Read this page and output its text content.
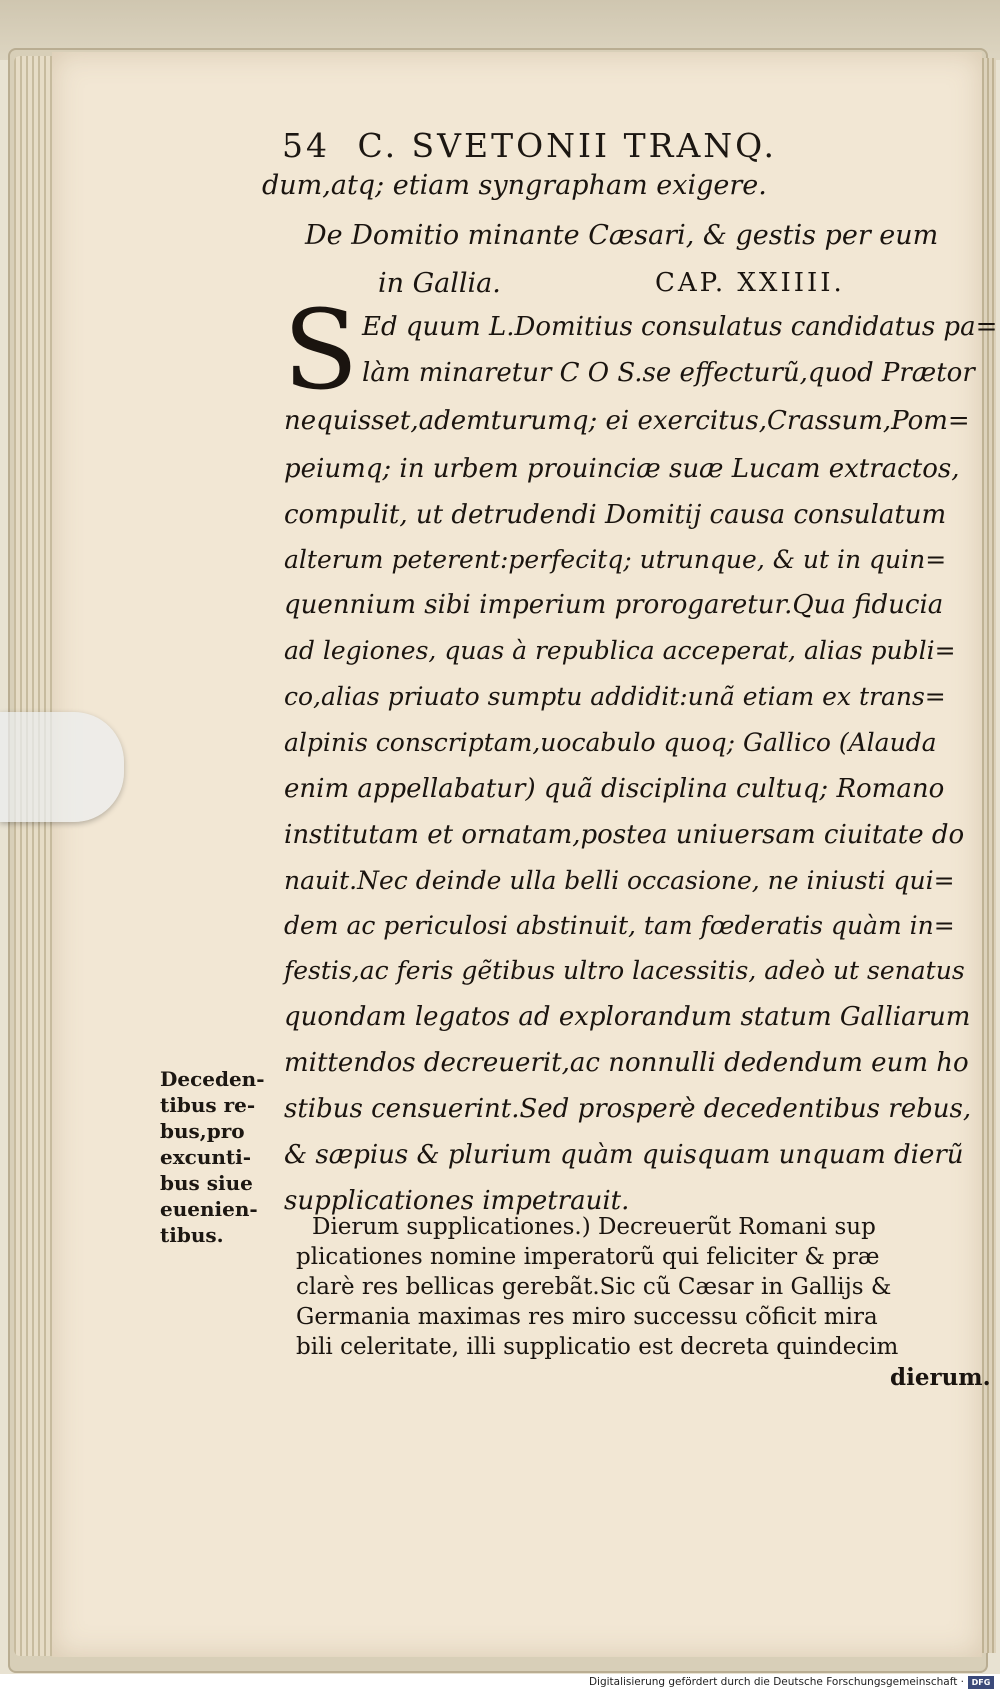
54 C. SVETONII TRANQ.
dum,atq; etiam syngrapham exigere.
De Domitio minante Cæsari, & gestis per eum
in Gallia.	CAP. XXIIII.
S Ed quum L.Domitius consulatus candidatus pa=
làm minaretur C O S.se effecturũ,quod Prætor
nequisset,ademturumq; ei exercitus,Crassum,Pom=
peiumq; in urbem prouinciæ suæ Lucam extractos,
compulit, ut detrudendi Domitij causa consulatum
alterum peterent:perfecitq; utrunque, & ut in quin=
quennium sibi imperium prorogaretur.Qua fiducia
ad legiones, quas à republica acceperat, alias publi=
co,alias priuato sumptu addidit:unã etiam ex trans=
alpinis conscriptam,uocabulo quoq; Gallico (Alauda
enim appellabatur) quã disciplina cultuq; Romano
institutam et ornatam,postea uniuersam ciuitate do
nauit.Nec deinde ulla belli occasione, ne iniusti qui=
dem ac periculosi abstinuit, tam fœderatis quàm in=
festis,ac feris gẽtibus ultro lacessitis, adeò ut senatus
quondam legatos ad explorandum statum Galliarum
mittendos decreuerit,ac nonnulli dedendum eum ho
stibus censuerint.Sed prosperè decedentibus rebus,
& sæpius & plurium quàm quisquam unquam dierũ
supplicationes impetrauit.
Dierum supplicationes.) Decreuerũt Romani sup
plicationes nomine imperatorũ qui feliciter & præ
clarè res bellicas gerebãt.Sic cũ Cæsar in Gallijs &
Germania maximas res miro successu cõficit mira
bili celeritate, illi supplicatio est decreta quindecim
dierum.
Deceden-
tibus re-
bus,pro
excunti-
bus siue
euenien-
tibus.
Digitalisierung gefördert durch die Deutsche Forschungsgemeinschaft · DFG
